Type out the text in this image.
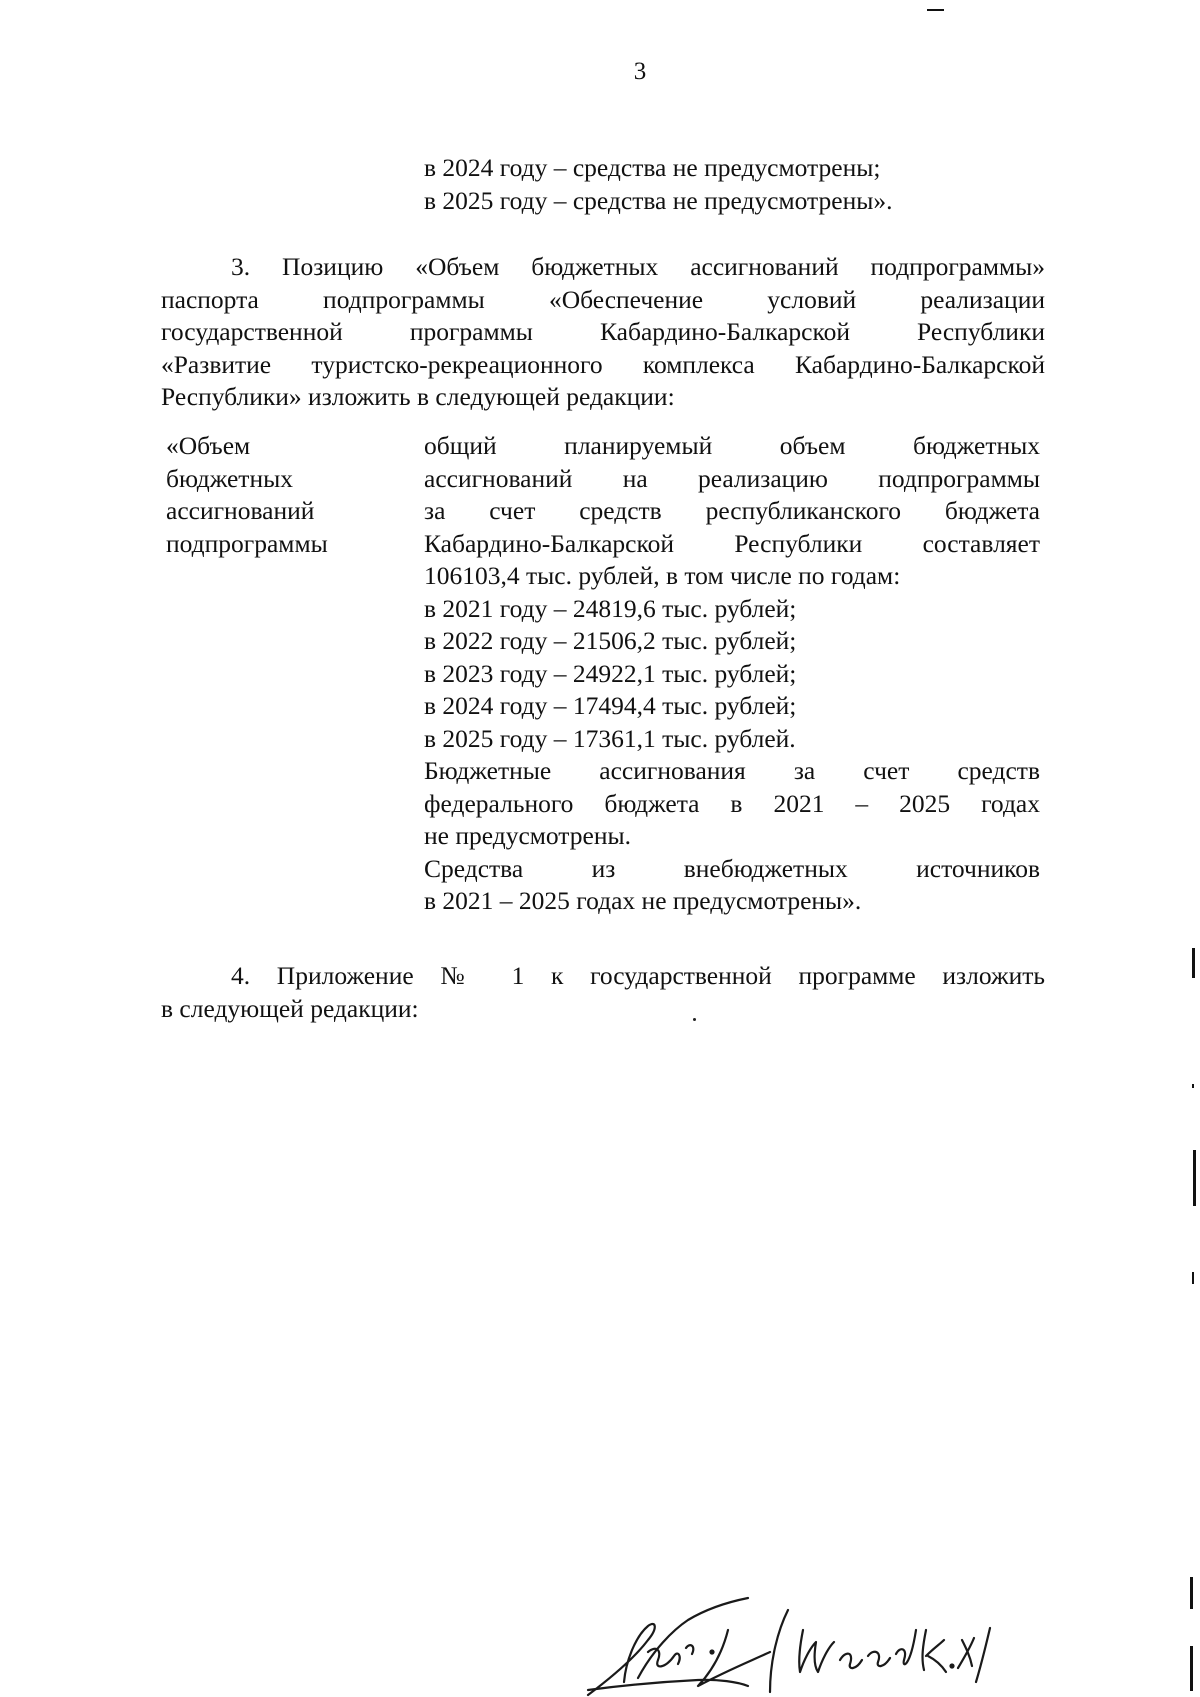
3
в 2024 году – средства не предусмотрены;
в 2025 году – средства не предусмотрены».
3. Позицию «Объем бюджетных ассигнований подпрограммы»
паспорта подпрограммы «Обеспечение условий реализации
государственной программы Кабардино-Балкарской Республики
«Развитие туристско-рекреационного комплекса Кабардино-Балкарской
Республики» изложить в следующей редакции:
«Объем
бюджетных
ассигнований
подпрограммы
общий планируемый объем бюджетных
ассигнований на реализацию подпрограммы
за счет средств республиканского бюджета
Кабардино-Балкарской Республики составляет
106103,4 тыс. рублей, в том числе по годам:
в 2021 году – 24819,6 тыс. рублей;
в 2022 году – 21506,2 тыс. рублей;
в 2023 году – 24922,1 тыс. рублей;
в 2024 году – 17494,4 тыс. рублей;
в 2025 году – 17361,1 тыс. рублей.
Бюджетные ассигнования за счет средств
федерального бюджета в 2021 – 2025 годах
не предусмотрены.
Средства из внебюджетных источников
в 2021 – 2025 годах не предусмотрены».
4. Приложение № 1 к государственной программе изложить
в следующей редакции:
